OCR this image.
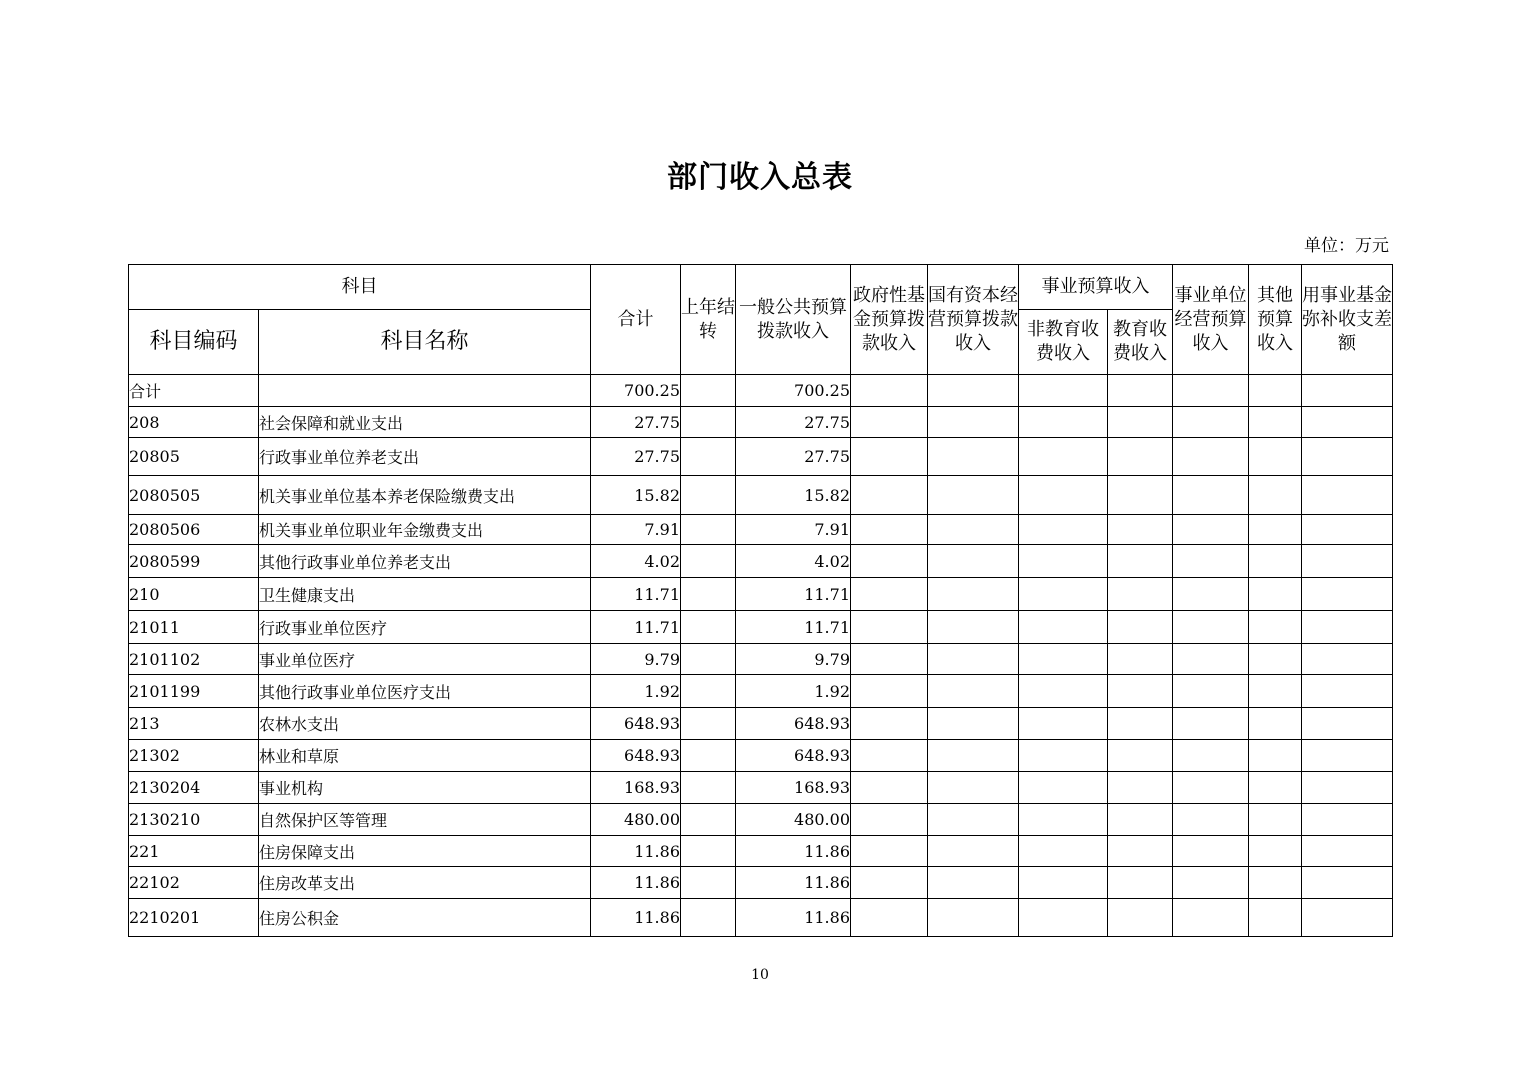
部门收入总表
单位：万元
科目		合计	上年结转	一般公共预算拨款收入	政府性基金预算拨款收入	国有资本经营预算拨款收入	事业预算收入		事业单位经营预算收入	其他预算收入	用事业基金弥补收支差额
科目编码	科目名称						非教育收费收入	教育收费收入			
合计		700.25		700.25							
208	社会保障和就业支出	27.75		27.75							
20805	行政事业单位养老支出	27.75		27.75							
2080505	机关事业单位基本养老保险缴费支出	15.82		15.82							
2080506	机关事业单位职业年金缴费支出	7.91		7.91							
2080599	其他行政事业单位养老支出	4.02		4.02							
210	卫生健康支出	11.71		11.71							
21011	行政事业单位医疗	11.71		11.71							
2101102	事业单位医疗	9.79		9.79							
2101199	其他行政事业单位医疗支出	1.92		1.92							
213	农林水支出	648.93		648.93							
21302	林业和草原	648.93		648.93							
2130204	事业机构	168.93		168.93							
2130210	自然保护区等管理	480.00		480.00							
221	住房保障支出	11.86		11.86							
22102	住房改革支出	11.86		11.86							
2210201	住房公积金	11.86		11.86							
10
